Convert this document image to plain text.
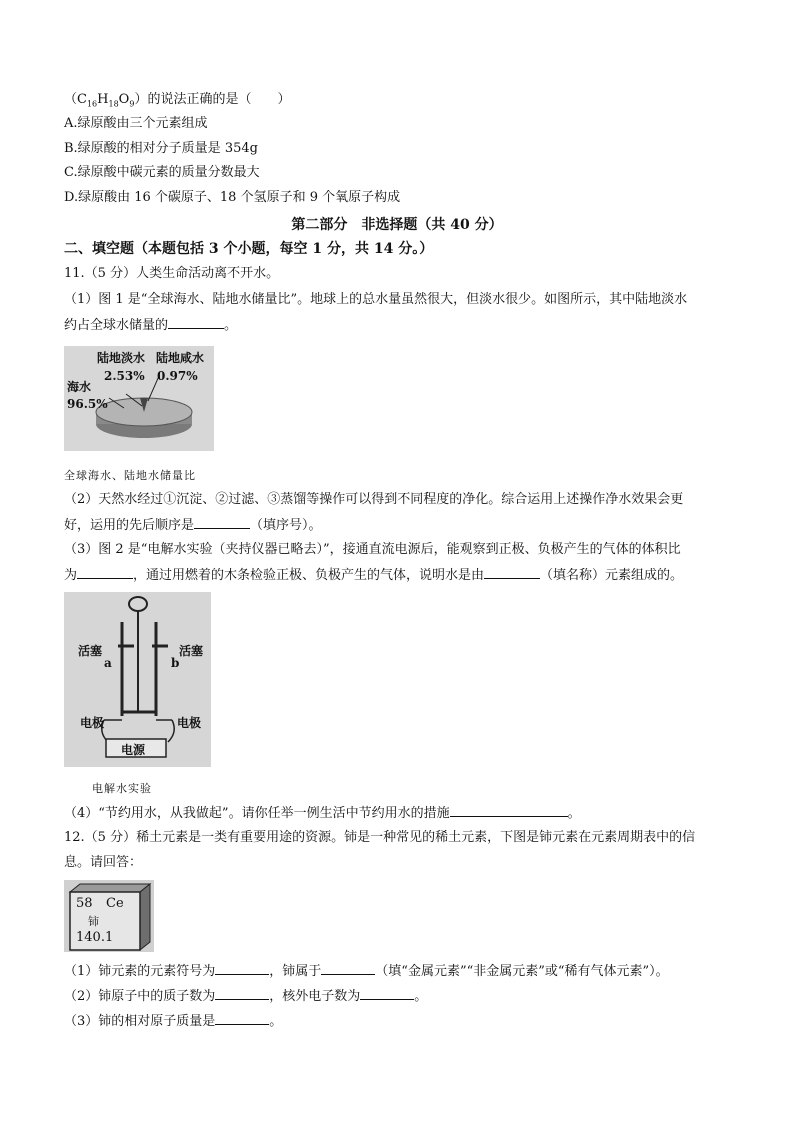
$(C_{16}H_{18}O_9)$的说法正确的是（　　）
A.绿原酸由三个元素组成
B.绿原酸的相对分子质量是 354g
C.绿原酸中碳元素的质量分数最大
D.绿原酸由 16 个碳原子、18 个氢原子和 9 个氧原子构成
第二部分　非选择题（共 40 分）
二、填空题（本题包括 3 个小题，每空 1 分，共 14 分。）
11.（5 分）人类生命活动离不开水。
（1）图 1 是“全球海水、陆地水储量比”。地球上的总水量虽然很大，但淡水很少。如图所示，其中陆地淡水
约占全球水储量的	。
陆地淡水 陆地咸水
2.53% 0.97%
海水
96.5%
全球海水、陆地水储量比
（2）天然水经过①沉淀、②过滤、③蒸馏等操作可以得到不同程度的净化。综合运用上述操作净水效果会更
好，运用的先后顺序是	（填序号）。
（3）图 2 是“电解水实验（夹持仪器已略去）”，接通直流电源后，能观察到正极、负极产生的气体的体积比
为	，通过用燃着的木条检验正极、负极产生的气体，说明水是由	（填名称）元素组成的。
活塞	活塞
a	b
电极	电极
电源
电解水实验
（4）“节约用水，从我做起”。请你任举一例生活中节约用水的措施	。
12.（5 分）稀土元素是一类有重要用途的资源。铈是一种常见的稀土元素，下图是铈元素在元素周期表中的信
息。请回答：
58 Ce
铈
140.1
（1）铈元素的元素符号为	，铈属于	（填“金属元素”“非金属元素”或“稀有气体元素”）。
（2）铈原子中的质子数为	，核外电子数为	。
（3）铈的相对原子质量是	。
